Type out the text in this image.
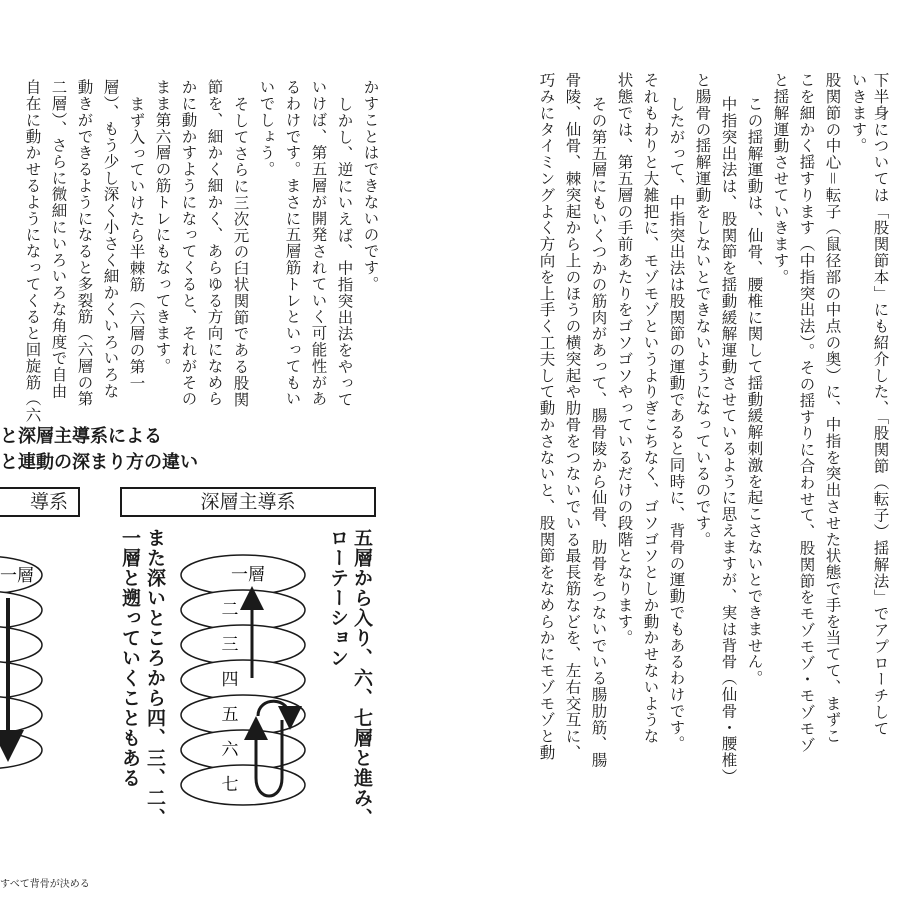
下半身については「股関節本」にも紹介した、「股関節（転子）揺解法」でアプローチして

いきます。

股関節の中心＝転子（鼠径部の中点の奥）に、中指を突出させた状態で手を当てて、まずこ

こを細かく揺すります（中指突出法）。その揺すりに合わせて、股関節をモゾモゾ・モゾモゾ

と揺解運動させていきます。

この揺解運動は、仙骨、腰椎に関して揺動緩解刺激を起こさないとできません。

中指突出法は、股関節を揺動緩解運動させているように思えますが、実は背骨（仙骨・腰椎）

と腸骨の揺解運動をしないとできないようになっているのです。

したがって、中指突出法は股関節の運動であると同時に、背骨の運動でもあるわけです。

それもわりと大雑把に、モゾモゾというよりぎこちなく、ゴソゴソとしか動かせないような

状態では、第五層の手前あたりをゴソゴソやっているだけの段階となります。

その第五層にもいくつかの筋肉があって、腸骨陵から仙骨、肋骨をつないでいる腸肋筋、腸

骨陵、仙骨、棘突起から上のほうの横突起や肋骨をつないでいる最長筋などを、左右交互に、

巧みにタイミングよく方向を上手く工夫して動かさないと、股関節をなめらかにモゾモゾと動

かすことはできないのです。

しかし、逆にいえば、中指突出法をやって

いけば、第五層が開発されていく可能性があ

るわけです。まさに五層筋トレといってもい

いでしょう。

そしてさらに三次元の臼状関節である股関

節を、細かく細かく、あらゆる方向になめら

かに動かすようになってくると、それがその

まま第六層の筋トレにもなってきます。

まず入っていけたら半棘筋（六層の第一

層）、もう少し深く小さく細かくいろいろな

動きができるようになると多裂筋（六層の第

二層）、さらに微細にいろいろな角度で自由

自在に動かせるようになってくると回旋筋（六

と深層主導系による

と連動の深まり方の違い

一層	一層
二
三
四
五
六
七
導系	深層主導系

五層から入り、六、七層と進み、

ローテーション

また深いところから四、三、二、

一層と遡っていくこともある

すべて背骨が決める
